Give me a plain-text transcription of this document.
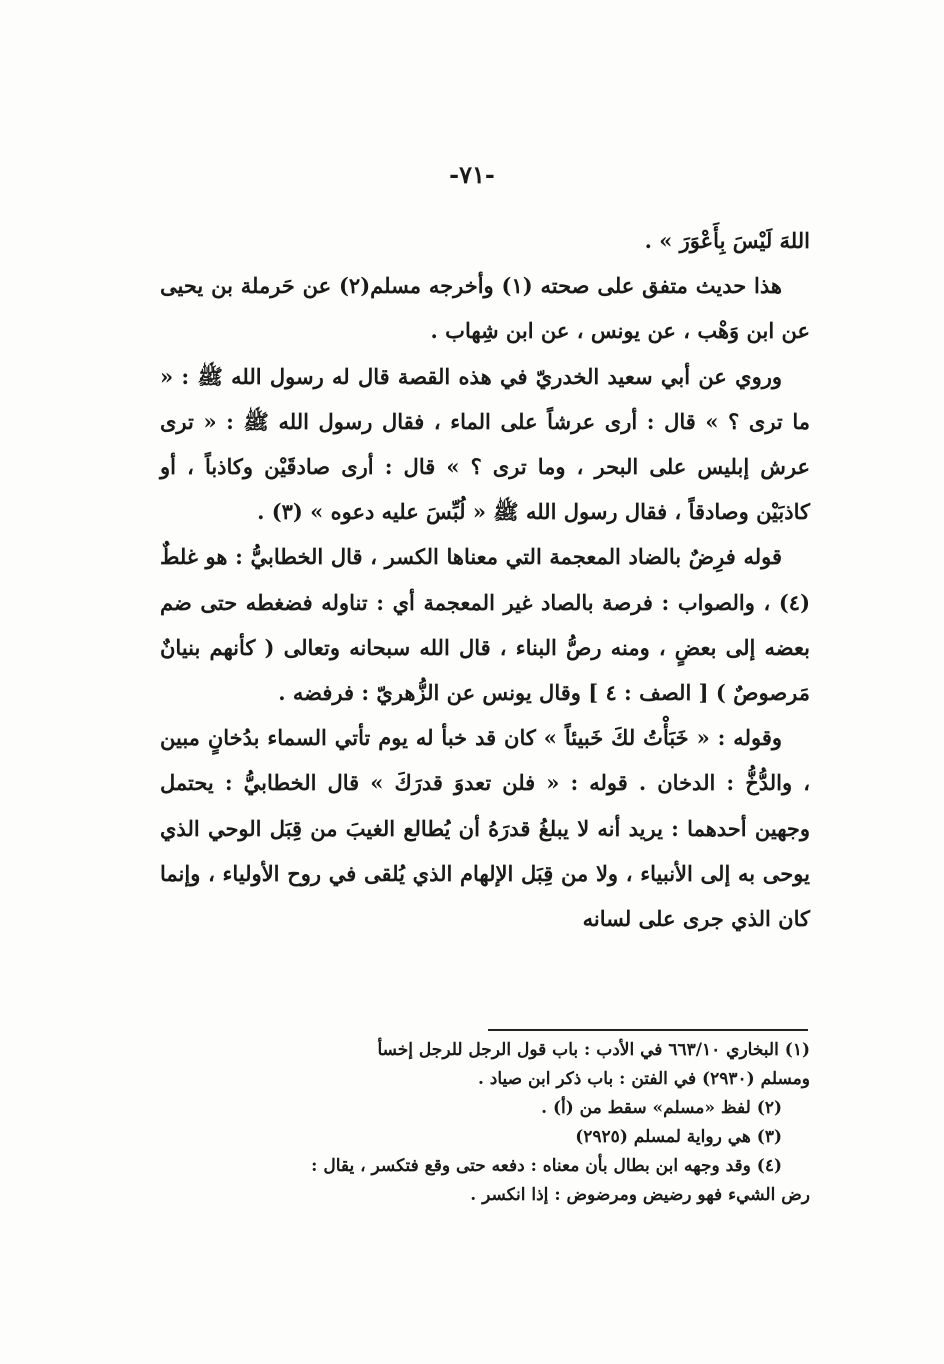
-٧١-

اللهَ لَيْسَ بِأَعْوَرَ » .

هذا حديث متفق على صحته (١) وأخرجه مسلم(٢) عن حَرملة بن يحيى عن ابن وَهْب ، عن يونس ، عن ابن شِهاب .

وروي عن أبي سعيد الخدريّ في هذه القصة قال له رسول الله ﷺ : « ما ترى ؟ » قال : أرى عرشاً على الماء ، فقال رسول الله ﷺ : « ترى عرش إبليس على البحر ، وما ترى ؟ » قال : أرى صادقَيْن وكاذباً ، أو كاذبَيْن وصادقاً ، فقال رسول الله ﷺ « لُبِّسَ عليه دعوه » (٣) .

قوله فرِضٌ بالضاد المعجمة التي معناها الكسر ، قال الخطابيُّ : هو غلطٌ (٤) ، والصواب : فرصة بالصاد غير المعجمة أي : تناوله فضغطه حتى ضم بعضه إلى بعضٍ ، ومنه رصُّ البناء ، قال الله سبحانه وتعالى ( كأنهم بنيانٌ مَرصوصٌ ) [ الصف : ٤ ] وقال يونس عن الزُّهريّ : فرفضه .

وقوله : « خَبَأْتُ لكَ خَبيئاً » كان قد خبأ له يوم تأتي السماء بدُخانٍ مبين ، والدُّخُّ : الدخان . قوله : « فلن تعدوَ قدرَكَ » قال الخطابيُّ : يحتمل وجهين أحدهما : يريد أنه لا يبلغُ قدرَهُ أن يُطالع الغيبَ من قِبَل الوحي الذي يوحى به إلى الأنبياء ، ولا من قِبَل الإلهام الذي يُلقى في روح الأولياء ، وإنما كان الذي جرى على لسانه

(١) البخاري ٦٦٣/١٠ في الأدب : باب قول الرجل للرجل إخسأ

ومسلم (٢٩٣٠) في الفتن : باب ذكر ابن صياد .

(٢) لفظ «مسلم» سقط من (أ) .

(٣) هي رواية لمسلم (٢٩٢٥)

(٤) وقد وجهه ابن بطال بأن معناه : دفعه حتى وقع فتكسر ، يقال :

رض الشيء فهو رضيض ومرضوض : إذا انكسر .
